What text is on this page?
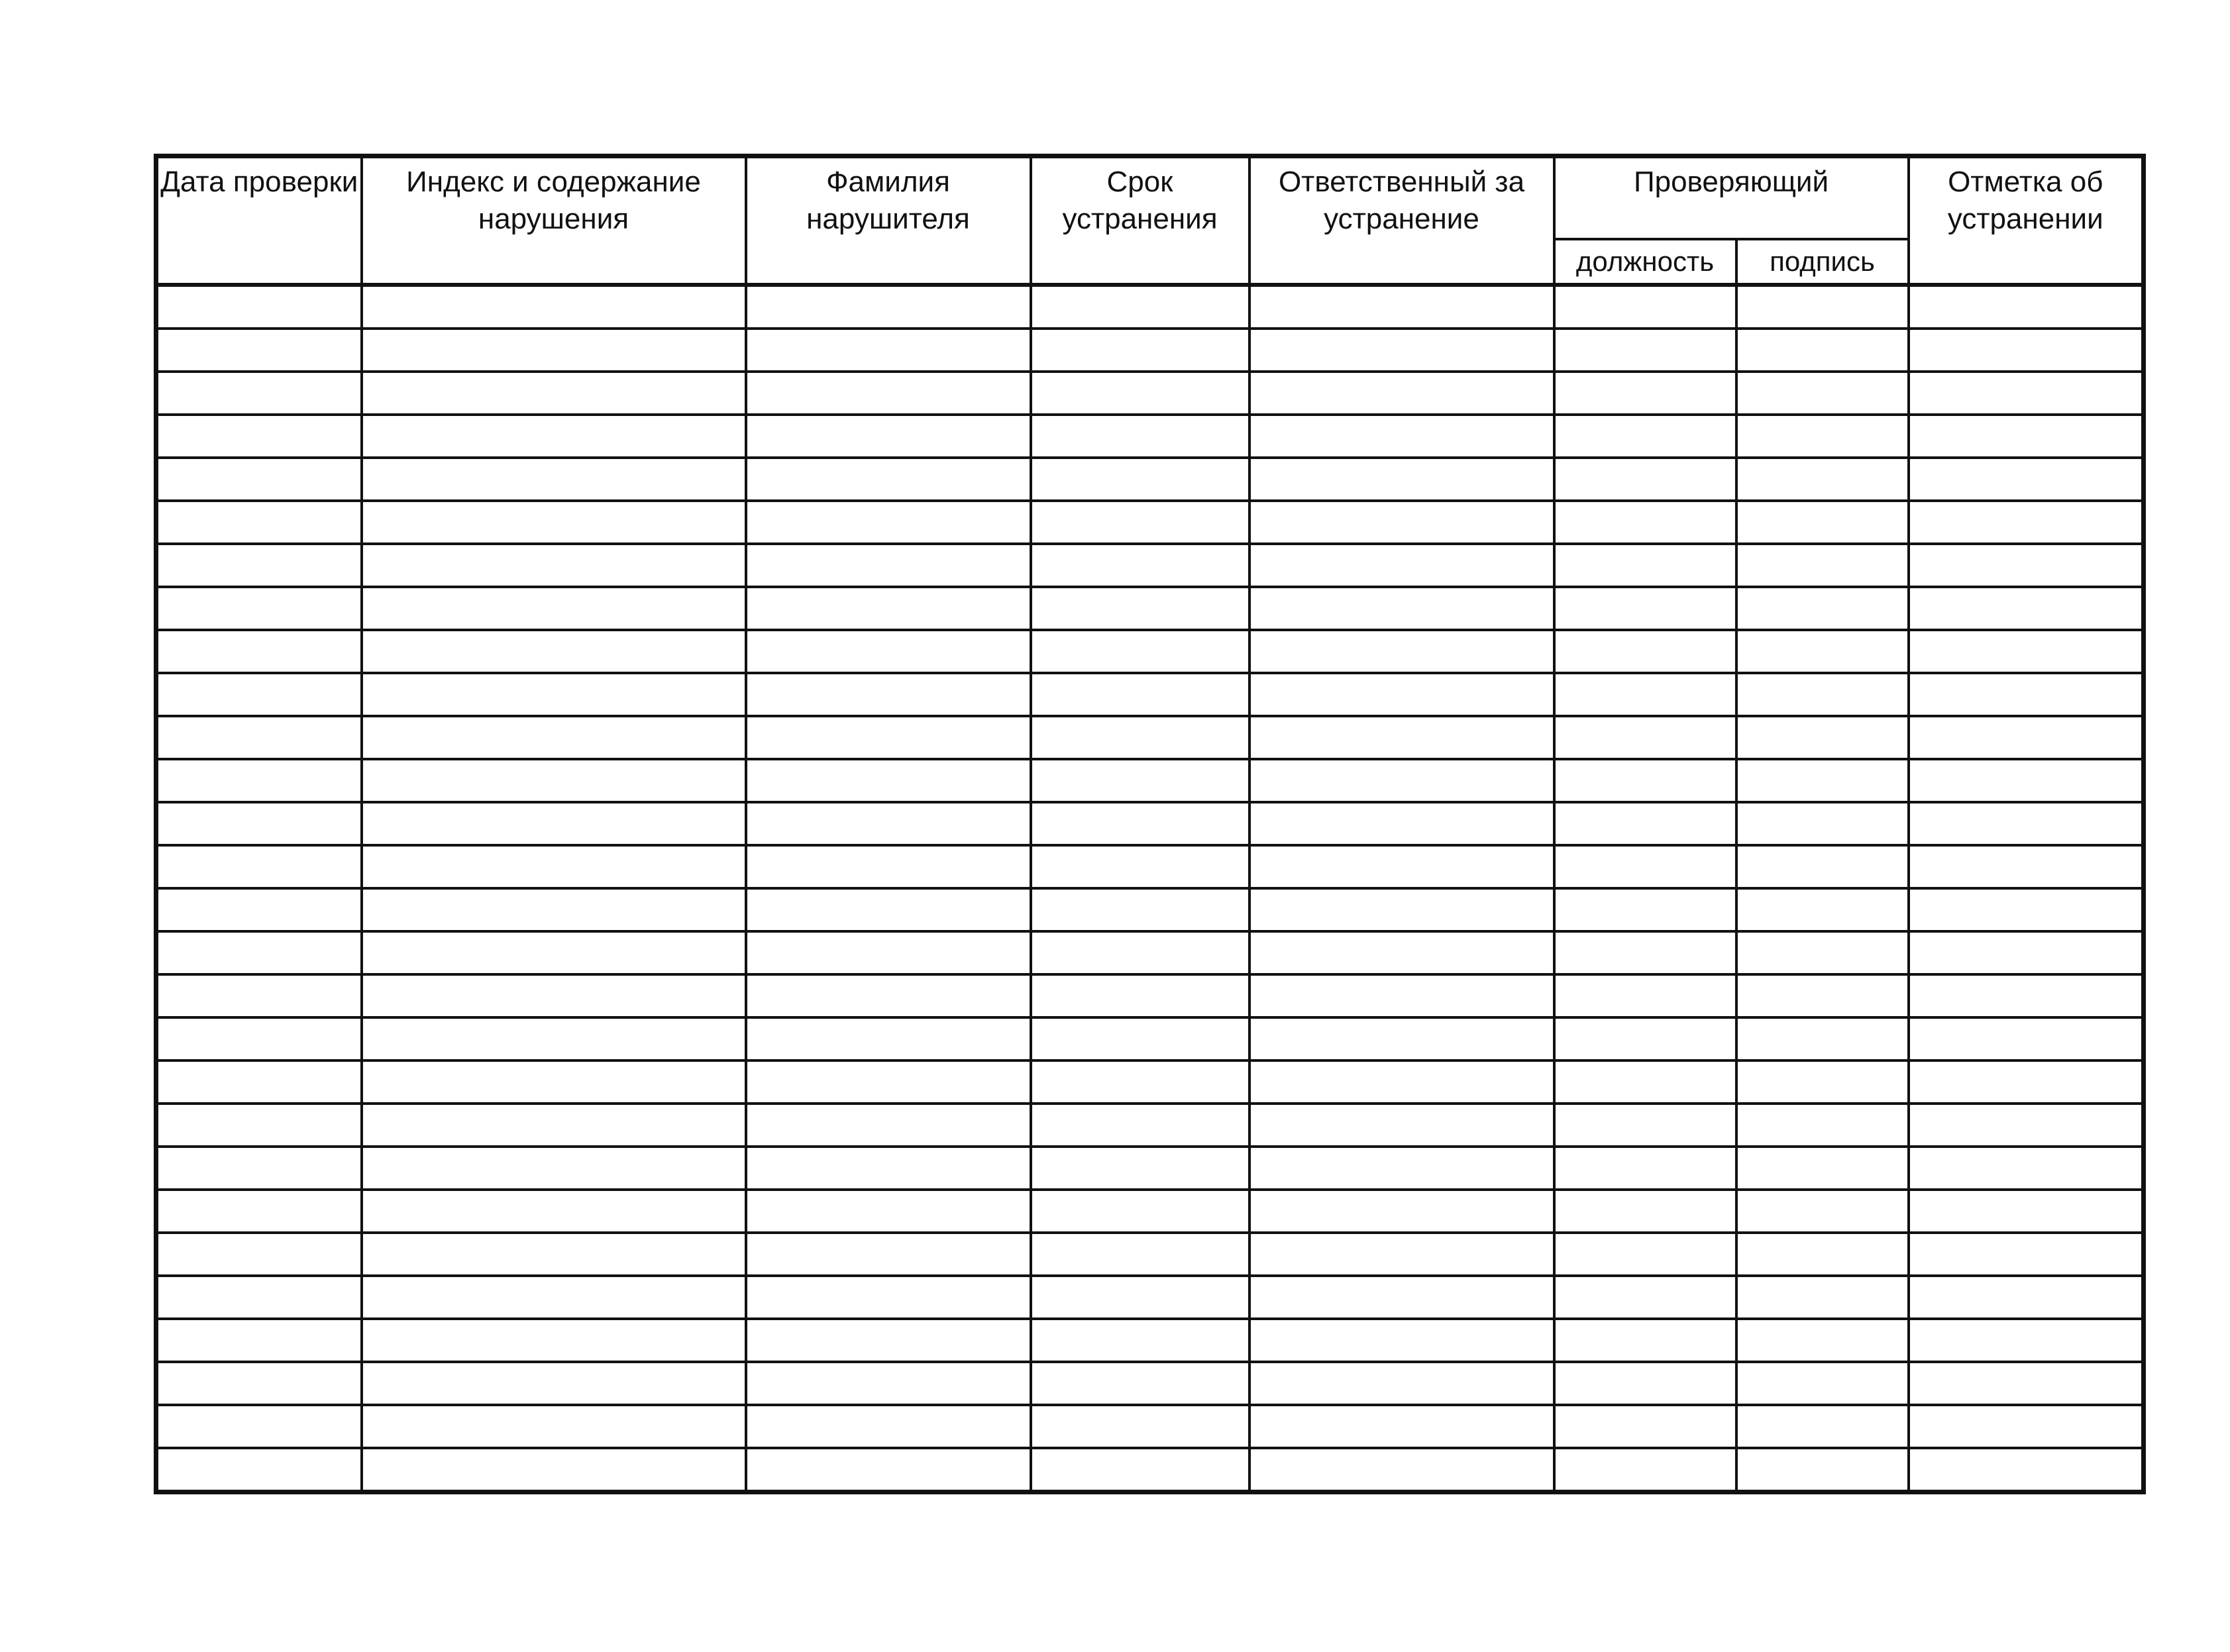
Дата проверки	Индекс и содержание нарушения	Фамилия нарушителя	Срок устранения	Ответственный за устранение	Проверяющий		Отметка об устранении
					должность	подпись	
